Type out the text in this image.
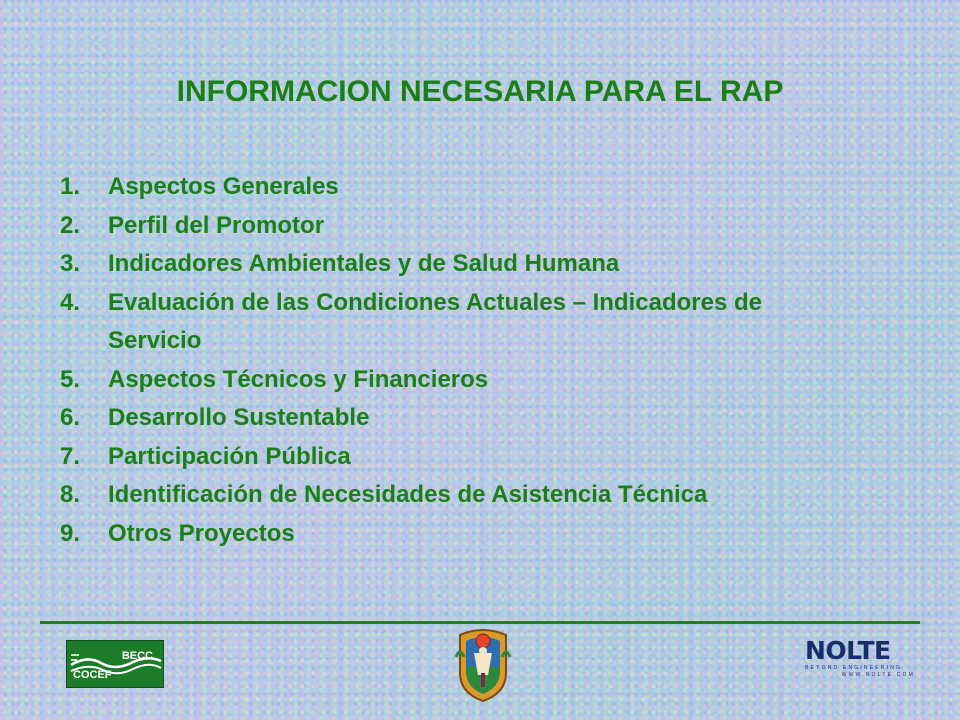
INFORMACION NECESARIA PARA EL RAP
1. Aspectos Generales
2. Perfil del Promotor
3. Indicadores Ambientales y de Salud Humana
4. Evaluación de las Condiciones Actuales – Indicadores de Servicio
5. Aspectos Técnicos y Financieros
6. Desarrollo Sustentable
7. Participación Pública
8. Identificación de Necesidades de Asistencia Técnica
9. Otros Proyectos
BECC
COCEF
NOLTE
BEYOND ENGINEERING
WWW.NOLTE.COM
